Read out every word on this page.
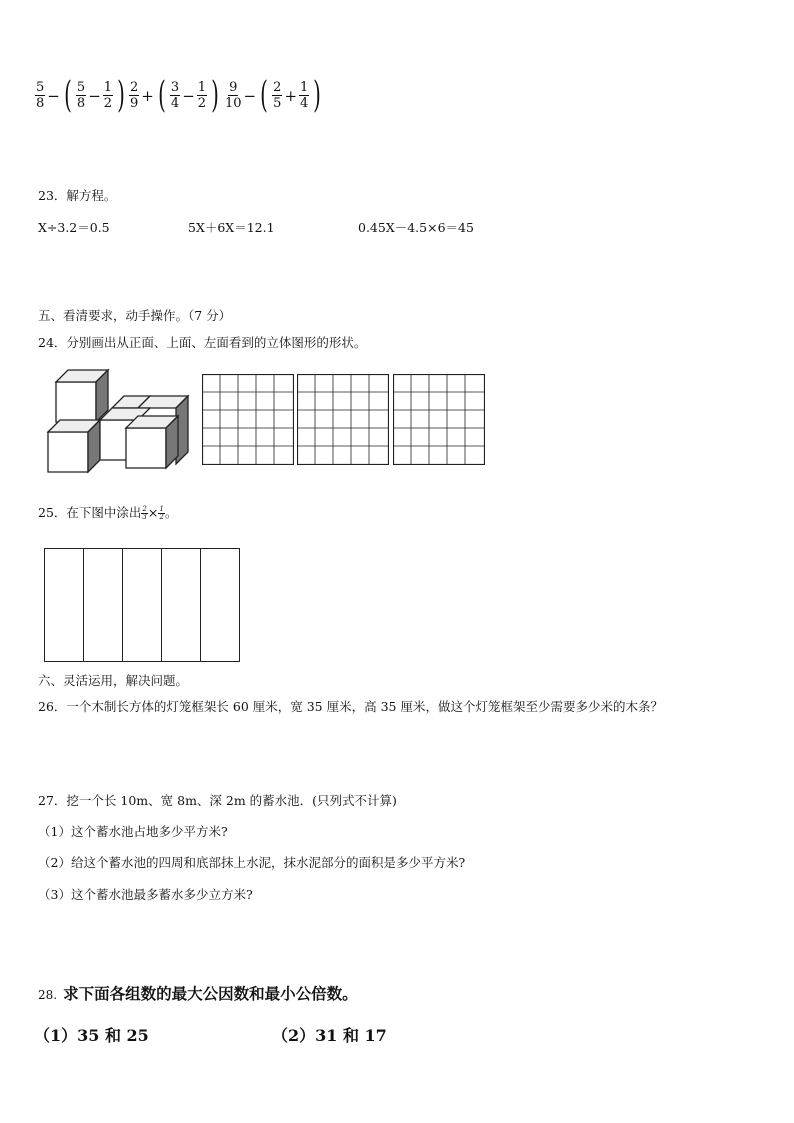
$\frac{5}{8}$ − ( $\frac{5}{8} - \frac{1}{2}$ ) $\frac{2}{9}$ + ( $\frac{3}{4} - \frac{1}{2}$ ) $\frac{9}{10}$ − ( $\frac{2}{5} + \frac{1}{4}$ )
23．解方程。
X÷3.2＝0.5	5X＋6X＝12.1	0.45X－4.5×6＝45
五、看清要求，动手操作。（7 分）
24．分别画出从正面、上面、左面看到的立体图形的形状。
25．在下图中涂出 $\frac{2}{3} \times \frac{1}{2}$ 。
六、灵活运用，解决问题。
26．一个木制长方体的灯笼框架长 60 厘米，宽 35 厘米，高 35 厘米，做这个灯笼框架至少需要多少米的木条？
27．挖一个长 10m、宽 8m、深 2m 的蓄水池．(只列式不计算)
（1）这个蓄水池占地多少平方米?
（2）给这个蓄水池的四周和底部抹上水泥，抹水泥部分的面积是多少平方米?
（3）这个蓄水池最多蓄水多少立方米?
28. 求下面各组数的最大公因数和最小公倍数。
（1）35 和 25	（2）31 和 17
